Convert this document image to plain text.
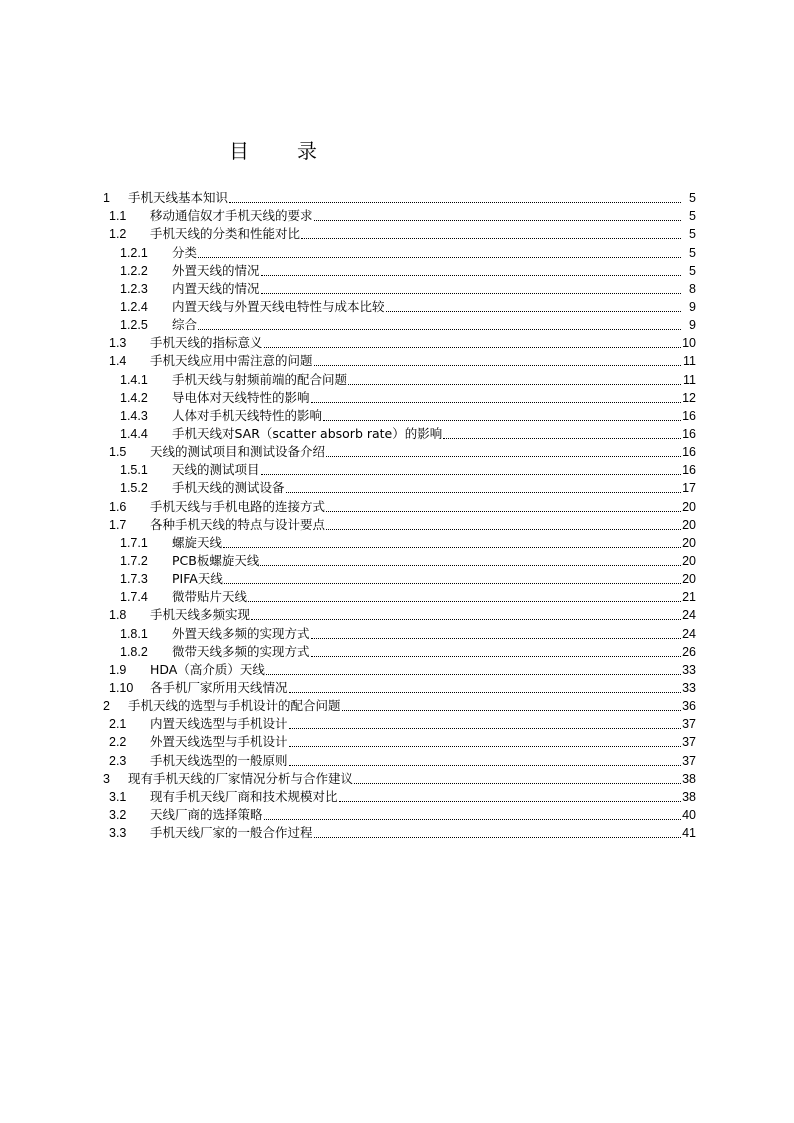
目　录
1 手机天线基本知识	5
1.1 移动通信奴才手机天线的要求	5
1.2 手机天线的分类和性能对比	5
1.2.1 分类	5
1.2.2 外置天线的情况	5
1.2.3 内置天线的情况	8
1.2.4 内置天线与外置天线电特性与成本比较	9
1.2.5 综合	9
1.3 手机天线的指标意义	10
1.4 手机天线应用中需注意的问题	11
1.4.1 手机天线与射频前端的配合问题	11
1.4.2 导电体对天线特性的影响	12
1.4.3 人体对手机天线特性的影响	16
1.4.4 手机天线对SAR（scatter absorb rate）的影响	16
1.5 天线的测试项目和测试设备介绍	16
1.5.1 天线的测试项目	16
1.5.2 手机天线的测试设备	17
1.6 手机天线与手机电路的连接方式	20
1.7 各种手机天线的特点与设计要点	20
1.7.1 螺旋天线	20
1.7.2 PCB板螺旋天线	20
1.7.3 PIFA天线	20
1.7.4 微带贴片天线	21
1.8 手机天线多频实现	24
1.8.1 外置天线多频的实现方式	24
1.8.2 微带天线多频的实现方式	26
1.9 HDA（高介质）天线	33
1.10 各手机厂家所用天线情况	33
2 手机天线的选型与手机设计的配合问题	36
2.1 内置天线选型与手机设计	37
2.2 外置天线选型与手机设计	37
2.3 手机天线选型的一般原则	37
3 现有手机天线的厂家情况分析与合作建议	38
3.1 现有手机天线厂商和技术规模对比	38
3.2 天线厂商的选择策略	40
3.3 手机天线厂家的一般合作过程	41
